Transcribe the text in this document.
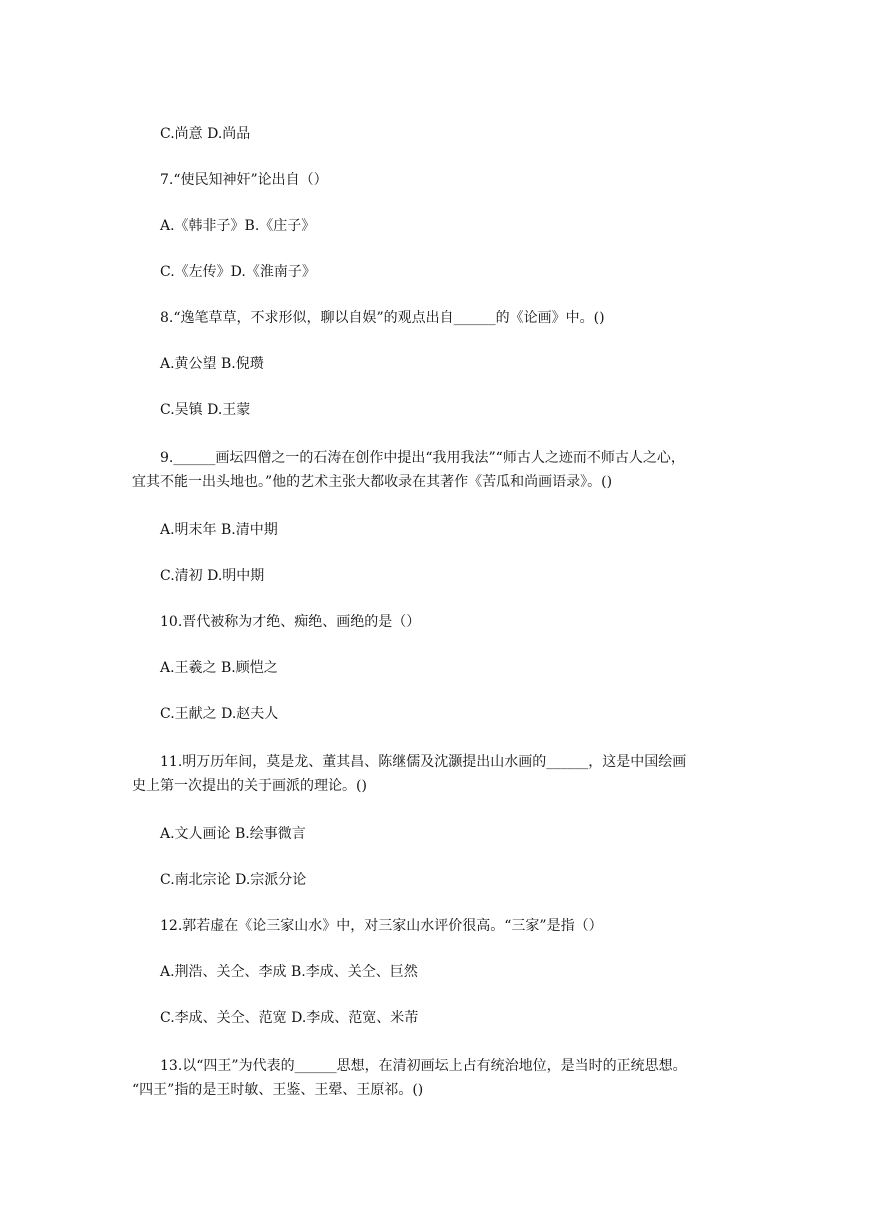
C.尚意 D.尚品

7.“使民知神奸”论出自（）

A.《韩非子》B.《庄子》

C.《左传》D.《淮南子》

8.“逸笔草草，不求形似，聊以自娱”的观点出自______的《论画》中。()

A.黄公望 B.倪瓒

C.吴镇 D.王蒙

9.______画坛四僧之一的石涛在创作中提出“我用我法”“师古人之迹而不师古人之心，

宜其不能一出头地也。”他的艺术主张大都收录在其著作《苦瓜和尚画语录》。()

A.明末年 B.清中期

C.清初 D.明中期

10.晋代被称为才绝、痴绝、画绝的是（）

A.王羲之 B.顾恺之

C.王献之 D.赵夫人

11.明万历年间，莫是龙、董其昌、陈继儒及沈灏提出山水画的______，这是中国绘画

史上第一次提出的关于画派的理论。()

A.文人画论 B.绘事微言

C.南北宗论 D.宗派分论

12.郭若虚在《论三家山水》中，对三家山水评价很高。“三家”是指（）

A.荆浩、关仝、李成 B.李成、关仝、巨然

C.李成、关仝、范宽 D.李成、范宽、米芾

13.以“四王”为代表的______思想，在清初画坛上占有统治地位，是当时的正统思想。

“四王”指的是王时敏、王鉴、王翚、王原祁。()
